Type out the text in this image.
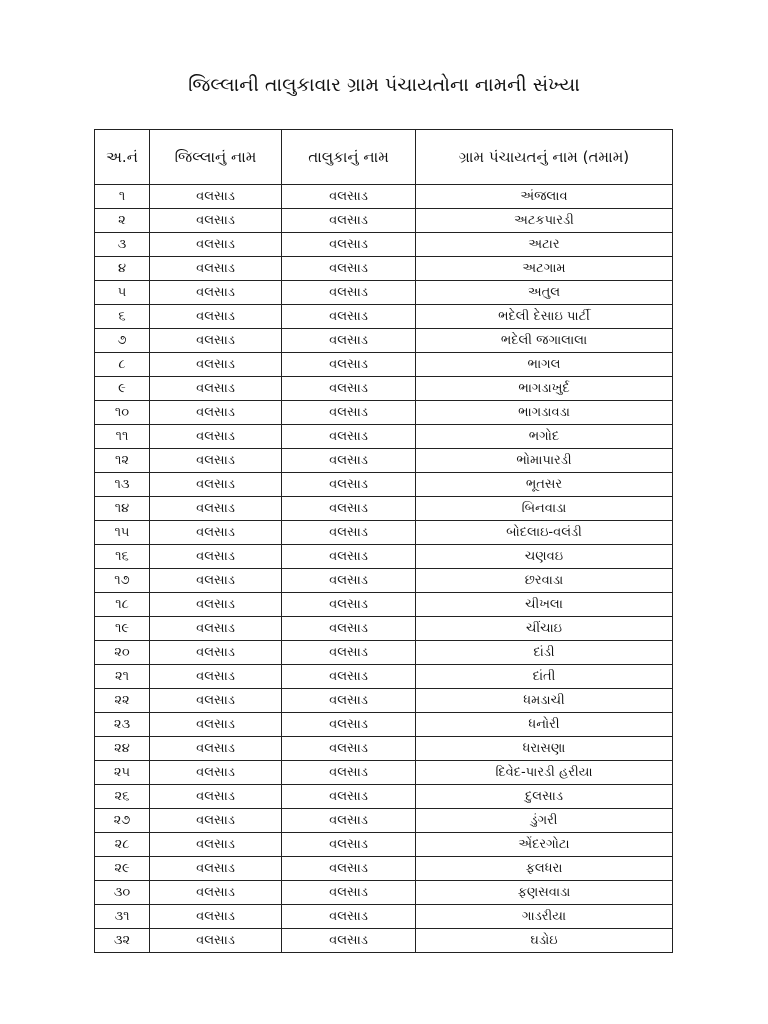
જિલ્લાની તાલુકાવાર ગ્રામ પંચાયતોના નામની સંખ્યા
અ.નં	જિલ્લાનું નામ	તાલુકાનું નામ	ગ્રામ પંચાયતનું નામ (તમામ)
૧	વલસાડ	વલસાડ	અંજલાવ
૨	વલસાડ	વલસાડ	અટકપારડી
૩	વલસાડ	વલસાડ	અટાર
૪	વલસાડ	વલસાડ	અટગામ
૫	વલસાડ	વલસાડ	અતુલ
૬	વલસાડ	વલસાડ	ભદેલી દેસાઇ પાર્ટી
૭	વલસાડ	વલસાડ	ભદેલી જગાલાલા
૮	વલસાડ	વલસાડ	ભાગલ
૯	વલસાડ	વલસાડ	ભાગડાખુર્દ
૧૦	વલસાડ	વલસાડ	ભાગડાવડા
૧૧	વલસાડ	વલસાડ	ભગોદ
૧૨	વલસાડ	વલસાડ	ભોમાપારડી
૧૩	વલસાડ	વલસાડ	ભૂતસર
૧૪	વલસાડ	વલસાડ	બિનવાડા
૧૫	વલસાડ	વલસાડ	બોદલાઇ-વલંડી
૧૬	વલસાડ	વલસાડ	ચણવઇ
૧૭	વલસાડ	વલસાડ	છરવાડા
૧૮	વલસાડ	વલસાડ	ચીખલા
૧૯	વલસાડ	વલસાડ	ચીંચાઇ
૨૦	વલસાડ	વલસાડ	દાંડી
૨૧	વલસાડ	વલસાડ	દાંતી
૨૨	વલસાડ	વલસાડ	ધમડાચી
૨૩	વલસાડ	વલસાડ	ધનોરી
૨૪	વલસાડ	વલસાડ	ધરાસણા
૨૫	વલસાડ	વલસાડ	દિવેદ-પારડી હરીયા
૨૬	વલસાડ	વલસાડ	દુલસાડ
૨૭	વલસાડ	વલસાડ	ડુંગરી
૨૮	વલસાડ	વલસાડ	એંદરગોટા
૨૯	વલસાડ	વલસાડ	ફલધરા
૩૦	વલસાડ	વલસાડ	ફણસવાડા
૩૧	વલસાડ	વલસાડ	ગાડરીયા
૩૨	વલસાડ	વલસાડ	ઘડોઇ
